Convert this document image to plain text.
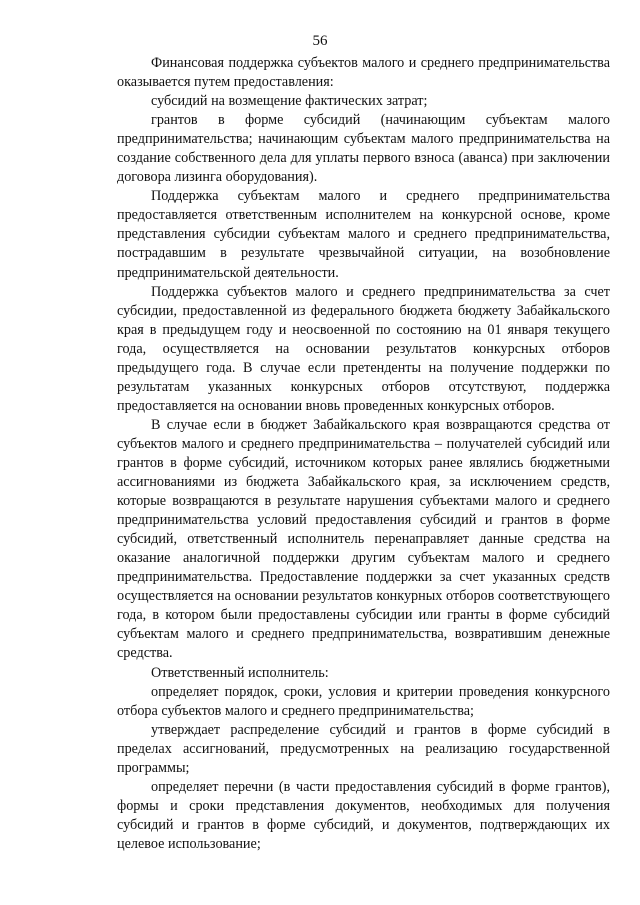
56

Финансовая поддержка субъектов малого и среднего предпринимательства оказывается путем предоставления:

субсидий на возмещение фактических затрат;

грантов в форме субсидий (начинающим субъектам малого предпринимательства; начинающим субъектам малого предпринимательства на создание собственного дела для уплаты первого взноса (аванса) при заключении договора лизинга оборудования).

Поддержка субъектам малого и среднего предпринимательства предоставляется ответственным исполнителем на конкурсной основе, кроме представления субсидии субъектам малого и среднего предпринимательства, пострадавшим в результате чрезвычайной ситуации, на возобновление предпринимательской деятельности.

Поддержка субъектов малого и среднего предпринимательства за счет субсидии, предоставленной из федерального бюджета бюджету Забайкальского края в предыдущем году и неосвоенной по состоянию на 01 января текущего года, осуществляется на основании результатов конкурсных отборов предыдущего года. В случае если претенденты на получение поддержки по результатам указанных конкурсных отборов отсутствуют, поддержка предоставляется на основании вновь проведенных конкурсных отборов.

В случае если в бюджет Забайкальского края возвращаются средства от субъектов малого и среднего предпринимательства – получателей субсидий или грантов в форме субсидий, источником которых ранее являлись бюджетными ассигнованиями из бюджета Забайкальского края, за исключением средств, которые возвращаются в результате нарушения субъектами малого и среднего предпринимательства условий предоставления субсидий и грантов в форме субсидий, ответственный исполнитель перенаправляет данные средства на оказание аналогичной поддержки другим субъектам малого и среднего предпринимательства. Предоставление поддержки за счет указанных средств осуществляется на основании результатов конкурных отборов соответствующего года, в котором были предоставлены субсидии или гранты в форме субсидий субъектам малого и среднего предпринимательства, возвратившим денежные средства.

Ответственный исполнитель:

определяет порядок, сроки, условия и критерии проведения конкурсного отбора субъектов малого и среднего предпринимательства;

утверждает распределение субсидий и грантов в форме субсидий в пределах ассигнований, предусмотренных на реализацию государственной программы;

определяет перечни (в части предоставления субсидий в форме грантов), формы и сроки представления документов, необходимых для получения субсидий и грантов в форме субсидий, и документов, подтверждающих их целевое использование;
